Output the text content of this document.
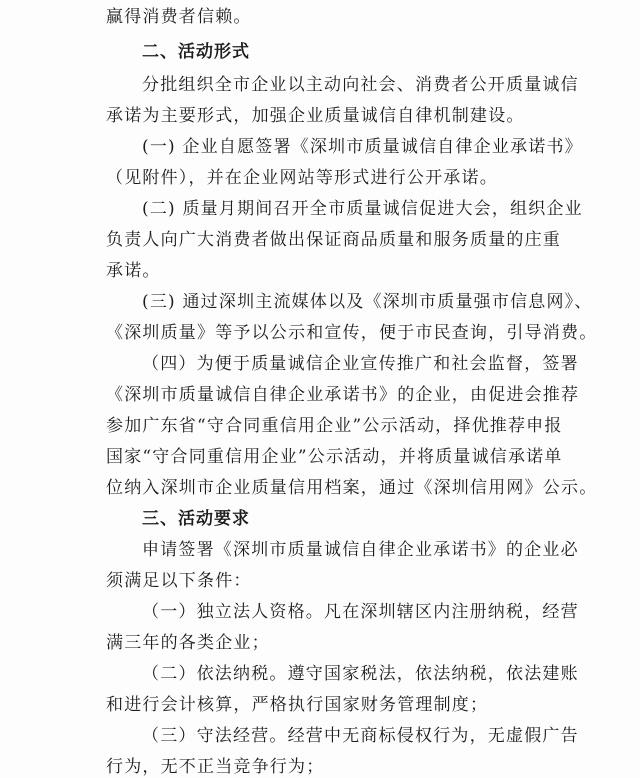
赢得消费者信赖。
二、活动形式
分批组织全市企业以主动向社会、消费者公开质量诚信
承诺为主要形式，加强企业质量诚信自律机制建设。
(一) 企业自愿签署《深圳市质量诚信自律企业承诺书》
（见附件），并在企业网站等形式进行公开承诺。
(二) 质量月期间召开全市质量诚信促进大会，组织企业
负责人向广大消费者做出保证商品质量和服务质量的庄重
承诺。
(三) 通过深圳主流媒体以及《深圳市质量强市信息网》、
《深圳质量》等予以公示和宣传，便于市民查询，引导消费。
（四）为便于质量诚信企业宣传推广和社会监督，签署
《深圳市质量诚信自律企业承诺书》的企业，由促进会推荐
参加广东省“守合同重信用企业”公示活动，择优推荐申报
国家“守合同重信用企业”公示活动，并将质量诚信承诺单
位纳入深圳市企业质量信用档案，通过《深圳信用网》公示。
三、活动要求
申请签署《深圳市质量诚信自律企业承诺书》的企业必
须满足以下条件：
（一）独立法人资格。凡在深圳辖区内注册纳税，经营
满三年的各类企业；
（二）依法纳税。遵守国家税法，依法纳税，依法建账
和进行会计核算，严格执行国家财务管理制度；
（三）守法经营。经营中无商标侵权行为，无虚假广告
行为，无不正当竞争行为；
